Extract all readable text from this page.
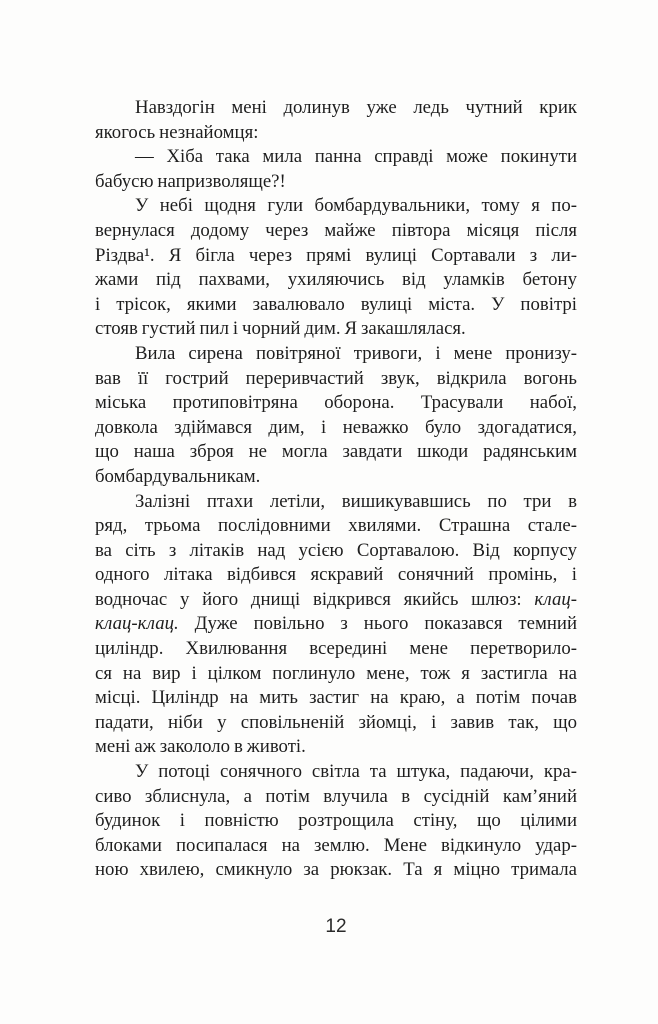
Навздогін мені долинув уже ледь чутний крик
якогось незнайомця:
— Хіба така мила панна справді може покинути
бабусю напризволяще?!
У небі щодня гули бомбардувальники, тому я по-
вернулася додому через майже півтора місяця після
Різдва¹. Я бігла через прямі вулиці Сортавали з ли-
жами під пахвами, ухиляючись від уламків бетону
і трісок, якими завалювало вулиці міста. У повітрі
стояв густий пил і чорний дим. Я закашлялася.
Вила сирена повітряної тривоги, і мене пронизу-
вав її гострий переривчастий звук, відкрила вогонь
міська протиповітряна оборона. Трасували набої,
довкола здіймався дим, і неважко було здогадатися,
що наша зброя не могла завдати шкоди радянським
бомбардувальникам.
Залізні птахи летіли, вишикувавшись по три в
ряд, трьома послідовними хвилями. Страшна стале-
ва сіть з літаків над усією Сортавалою. Від корпусу
одного літака відбився яскравий сонячний промінь, і
водночас у його днищі відкрився якийсь шлюз: клац-
клац-клац. Дуже повільно з нього показався темний
циліндр. Хвилювання всередині мене перетворило-
ся на вир і цілком поглинуло мене, тож я застигла на
місці. Циліндр на мить застиг на краю, а потім почав
падати, ніби у сповільненій зйомці, і завив так, що
мені аж закололо в животі.
У потоці сонячного світла та штука, падаючи, кра-
сиво зблиснула, а потім влучила в сусідній кам’яний
будинок і повністю розтрощила стіну, що цілими
блоками посипалася на землю. Мене відкинуло удар-
ною хвилею, смикнуло за рюкзак. Та я міцно тримала
12
